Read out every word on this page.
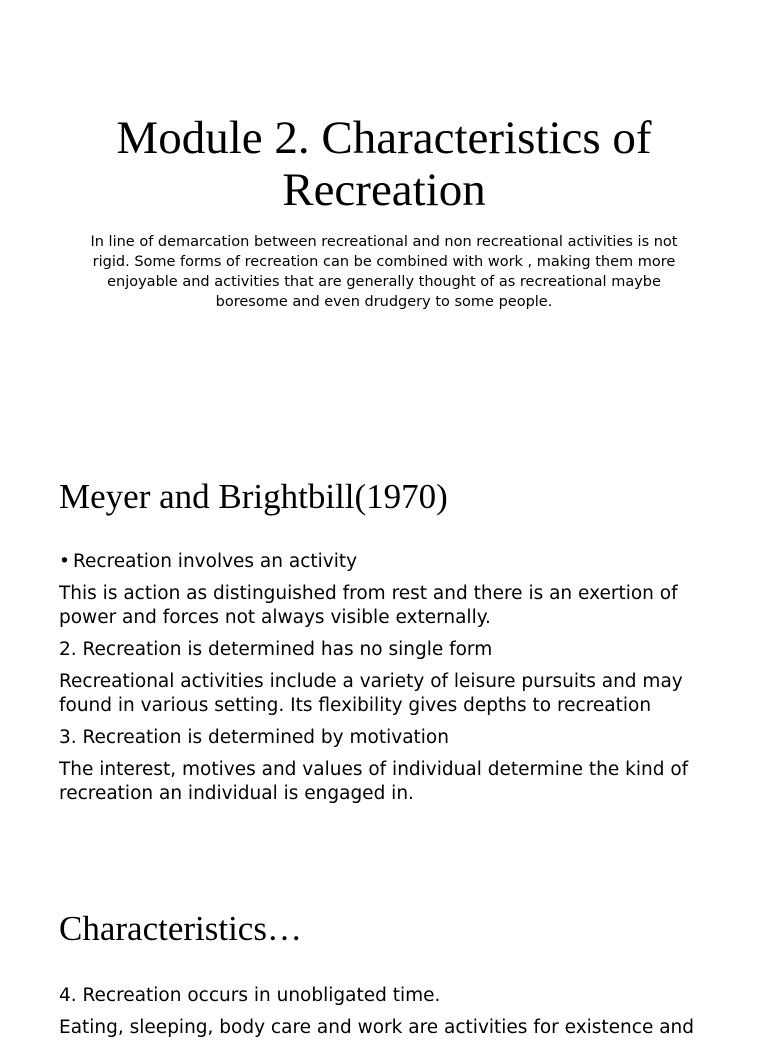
Module 2. Characteristics of Recreation

In line of demarcation between recreational and non recreational activities is not rigid. Some forms of recreation can be combined with work , making them more enjoyable and activities that are generally thought of as recreational maybe boresome and even drudgery to some people.

Meyer and Brightbill(1970)
• Recreation involves an activity
This is action as distinguished from rest and there is an exertion of power and forces not always visible externally.
2. Recreation is determined has no single form
Recreational activities include a variety of leisure pursuits and may found in various setting. Its flexibility gives depths to recreation
3. Recreation is determined by motivation
The interest, motives and values of individual determine the kind of recreation an individual is engaged in.
Characteristics…
4. Recreation occurs in unobligated time.
Eating, sleeping, body care and work are activities for existence and
